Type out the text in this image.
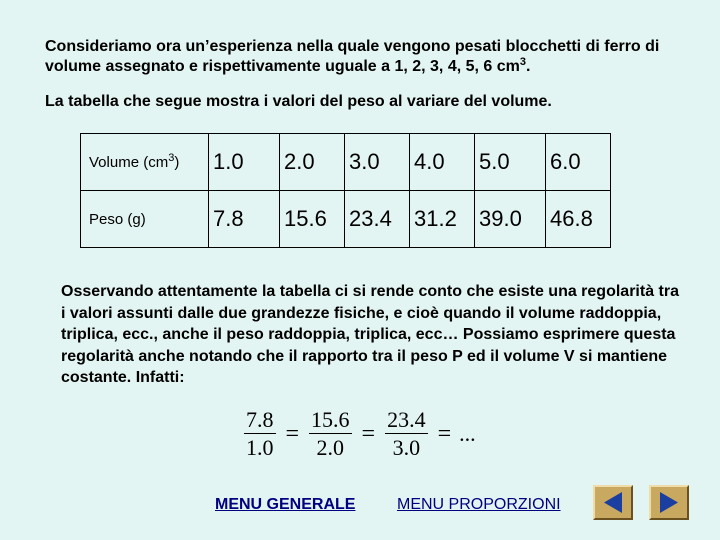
Consideriamo ora un’esperienza nella quale vengono pesati blocchetti di ferro di volume assegnato e rispettivamente uguale a 1, 2, 3, 4, 5, 6 $cm^3$.
La tabella che segue mostra i valori del peso al variare del volume.
Volume $(cm^3)$	1.0	2.0	3.0	4.0	5.0	6.0
Peso (g)	7.8	15.6	23.4	31.2	39.0	46.8
Osservando attentamente la tabella ci si rende conto che esiste una regolarità tra i valori assunti dalle due grandezze fisiche, e cioè quando il volume raddoppia, triplica, ecc., anche il peso raddoppia, triplica, ecc… Possiamo esprimere questa regolarità anche notando che il rapporto tra il peso P ed il volume V si mantiene costante. Infatti:
$\frac{7.8}{1.0} = \frac{15.6}{2.0} = \frac{23.4}{3.0}$ = ...
MENU GENERALE	MENU PROPORZIONI
